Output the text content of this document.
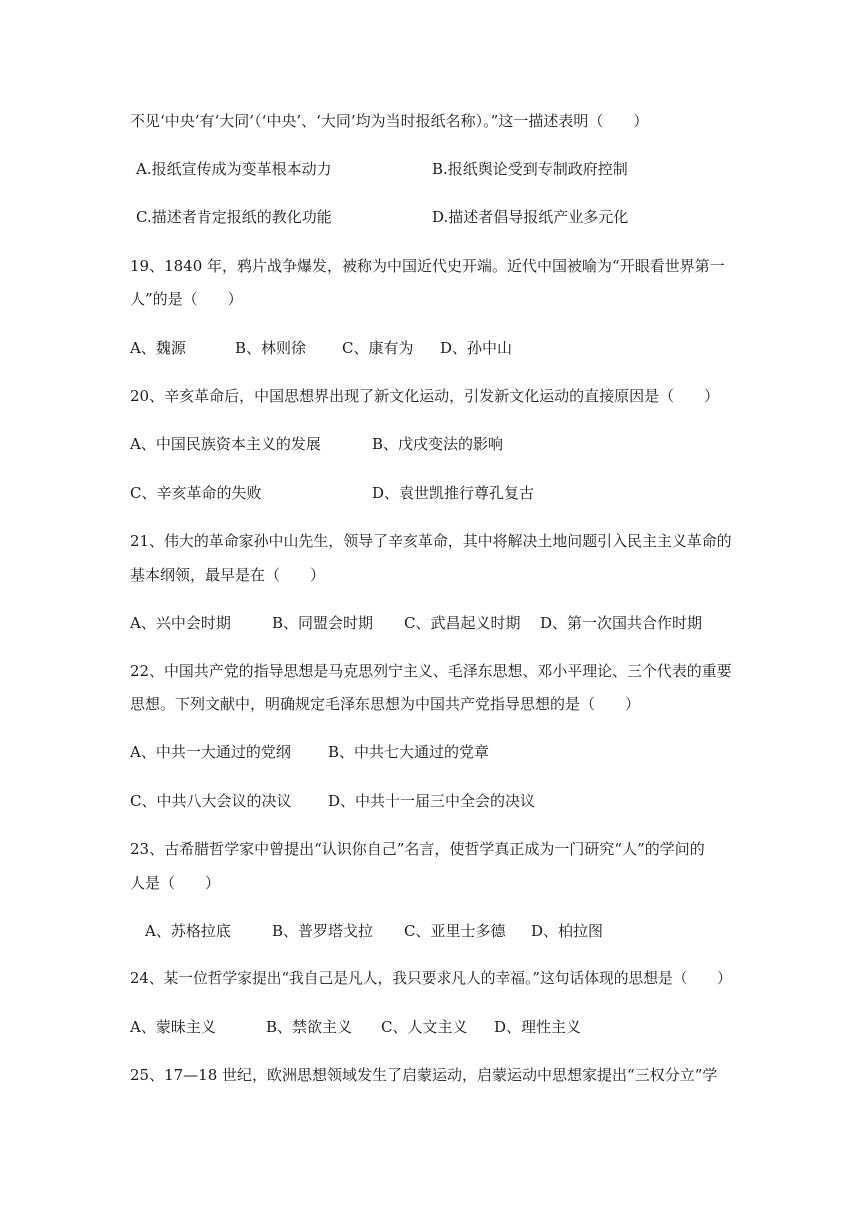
不见‘中央’有‘大同’（‘中央’、‘大同’均为当时报纸名称）。”这一描述表明（　　）
A.报纸宣传成为变革根本动力	B.报纸舆论受到专制政府控制
C.描述者肯定报纸的教化功能	D.描述者倡导报纸产业多元化
19、1840 年，鸦片战争爆发，被称为中国近代史开端。近代中国被喻为“开眼看世界第一
人”的是（　　）
A、魏源	B、林则徐 C、康有为 D、孙中山
20、辛亥革命后，中国思想界出现了新文化运动，引发新文化运动的直接原因是（　　）
A、中国民族资本主义的发展	B、戊戌变法的影响
C、辛亥革命的失败	D、袁世凯推行尊孔复古
21、伟大的革命家孙中山先生，领导了辛亥革命，其中将解决土地问题引入民主主义革命的
基本纲领，最早是在（　　）
A、兴中会时期	B、同盟会时期 C、武昌起义时期 D、第一次国共合作时期
22、中国共产党的指导思想是马克思列宁主义、毛泽东思想、邓小平理论、三个代表的重要
思想。下列文献中，明确规定毛泽东思想为中国共产党指导思想的是（　　）
A、中共一大通过的党纲 B、中共七大通过的党章
C、中共八大会议的决议 D、中共十一届三中全会的决议
23、古希腊哲学家中曾提出“认识你自己”名言，使哲学真正成为一门研究“人”的学问的
人是（　　）
A、苏格拉底	B、普罗塔戈拉 C、亚里士多德 D、柏拉图
24、某一位哲学家提出“我自己是凡人，我只要求凡人的幸福。”这句话体现的思想是（　　）
A、蒙昧主义	B、禁欲主义 C、人文主义 D、理性主义
25、17—18 世纪，欧洲思想领域发生了启蒙运动，启蒙运动中思想家提出“三权分立”学
